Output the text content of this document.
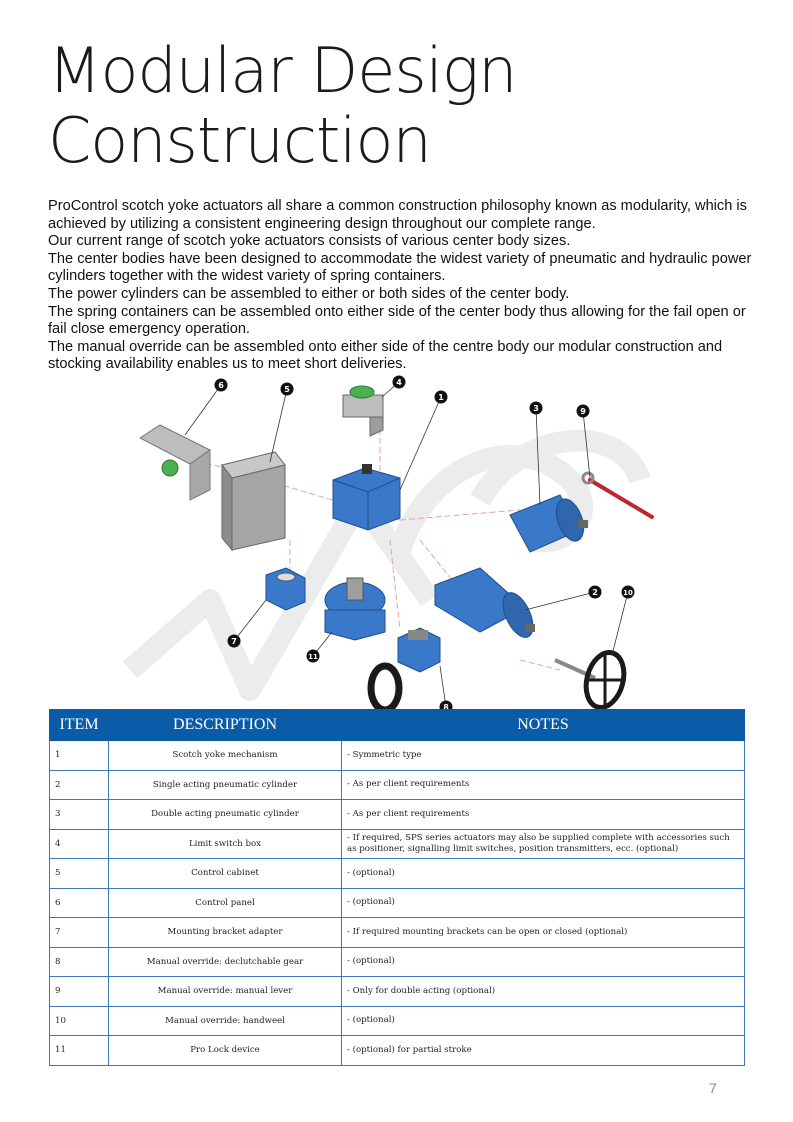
Modular Design
Construction

ProControl scotch yoke actuators all share a common construction philosophy known as modularity, which is achieved by utilizing a consistent engineering design throughout our complete range.

Our current range of scotch yoke actuators consists of various center body sizes.

The center bodies have been designed to accommodate the widest variety of pneumatic and hydraulic power cylinders together with the widest variety of spring containers.

The power cylinders can be assembled to either or both sides of the center body.

The spring containers can be assembled onto either side of the center body thus allowing for the fail open or fail close emergency operation.

The manual override can be assembled onto either side of the centre body our modular construction and stocking availability enables us to meet short deliveries.

1
2
3
4
5
6
7
8
9
10
11
ITEM	DESCRIPTION	NOTES
1	Scotch yoke mechanism	- Symmetric type
2	Single acting pneumatic cylinder	- As per client requirements
3	Double acting pneumatic cylinder	- As per client requirements
4	Limit switch box	- If required, SPS series actuators may also be supplied complete with accessories such as positioner, signalling limit switches, position transmitters, ecc. (optional)
5	Control cabinet	- (optional)
6	Control panel	- (optional)
7	Mounting bracket adapter	- If required mounting brackets can be open or closed (optional)
8	Manual override: declutchable gear	- (optional)
9	Manual override: manual lever	- Only for double acting (optional)
10	Manual override: handweel	- (optional)
11	Pro Lock device	- (optional) for partial stroke
7
